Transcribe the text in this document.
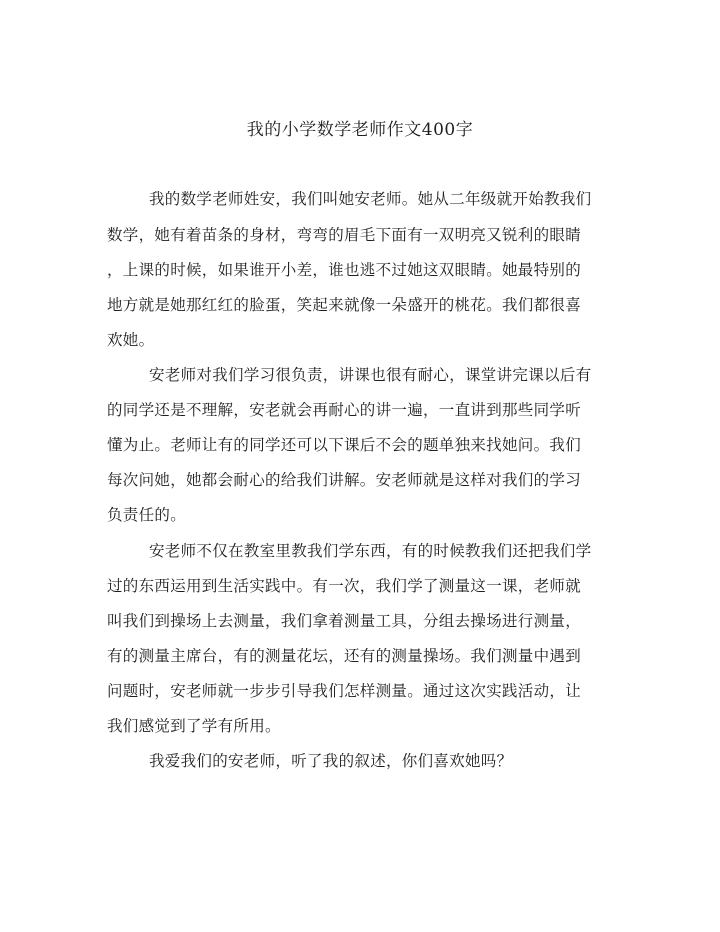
我的小学数学老师作文400字
我的数学老师姓安，我们叫她安老师。她从二年级就开始教我们
数学，她有着苗条的身材，弯弯的眉毛下面有一双明亮又锐利的眼睛
，上课的时候，如果谁开小差，谁也逃不过她这双眼睛。她最特别的
地方就是她那红红的脸蛋，笑起来就像一朵盛开的桃花。我们都很喜
欢她。
安老师对我们学习很负责，讲课也很有耐心，课堂讲完课以后有
的同学还是不理解，安老就会再耐心的讲一遍，一直讲到那些同学听
懂为止。老师让有的同学还可以下课后不会的题单独来找她问。我们
每次问她，她都会耐心的给我们讲解。安老师就是这样对我们的学习
负责任的。
安老师不仅在教室里教我们学东西，有的时候教我们还把我们学
过的东西运用到生活实践中。有一次，我们学了测量这一课，老师就
叫我们到操场上去测量，我们拿着测量工具，分组去操场进行测量，
有的测量主席台，有的测量花坛，还有的测量操场。我们测量中遇到
问题时，安老师就一步步引导我们怎样测量。通过这次实践活动，让
我们感觉到了学有所用。
我爱我们的安老师，听了我的叙述，你们喜欢她吗？
